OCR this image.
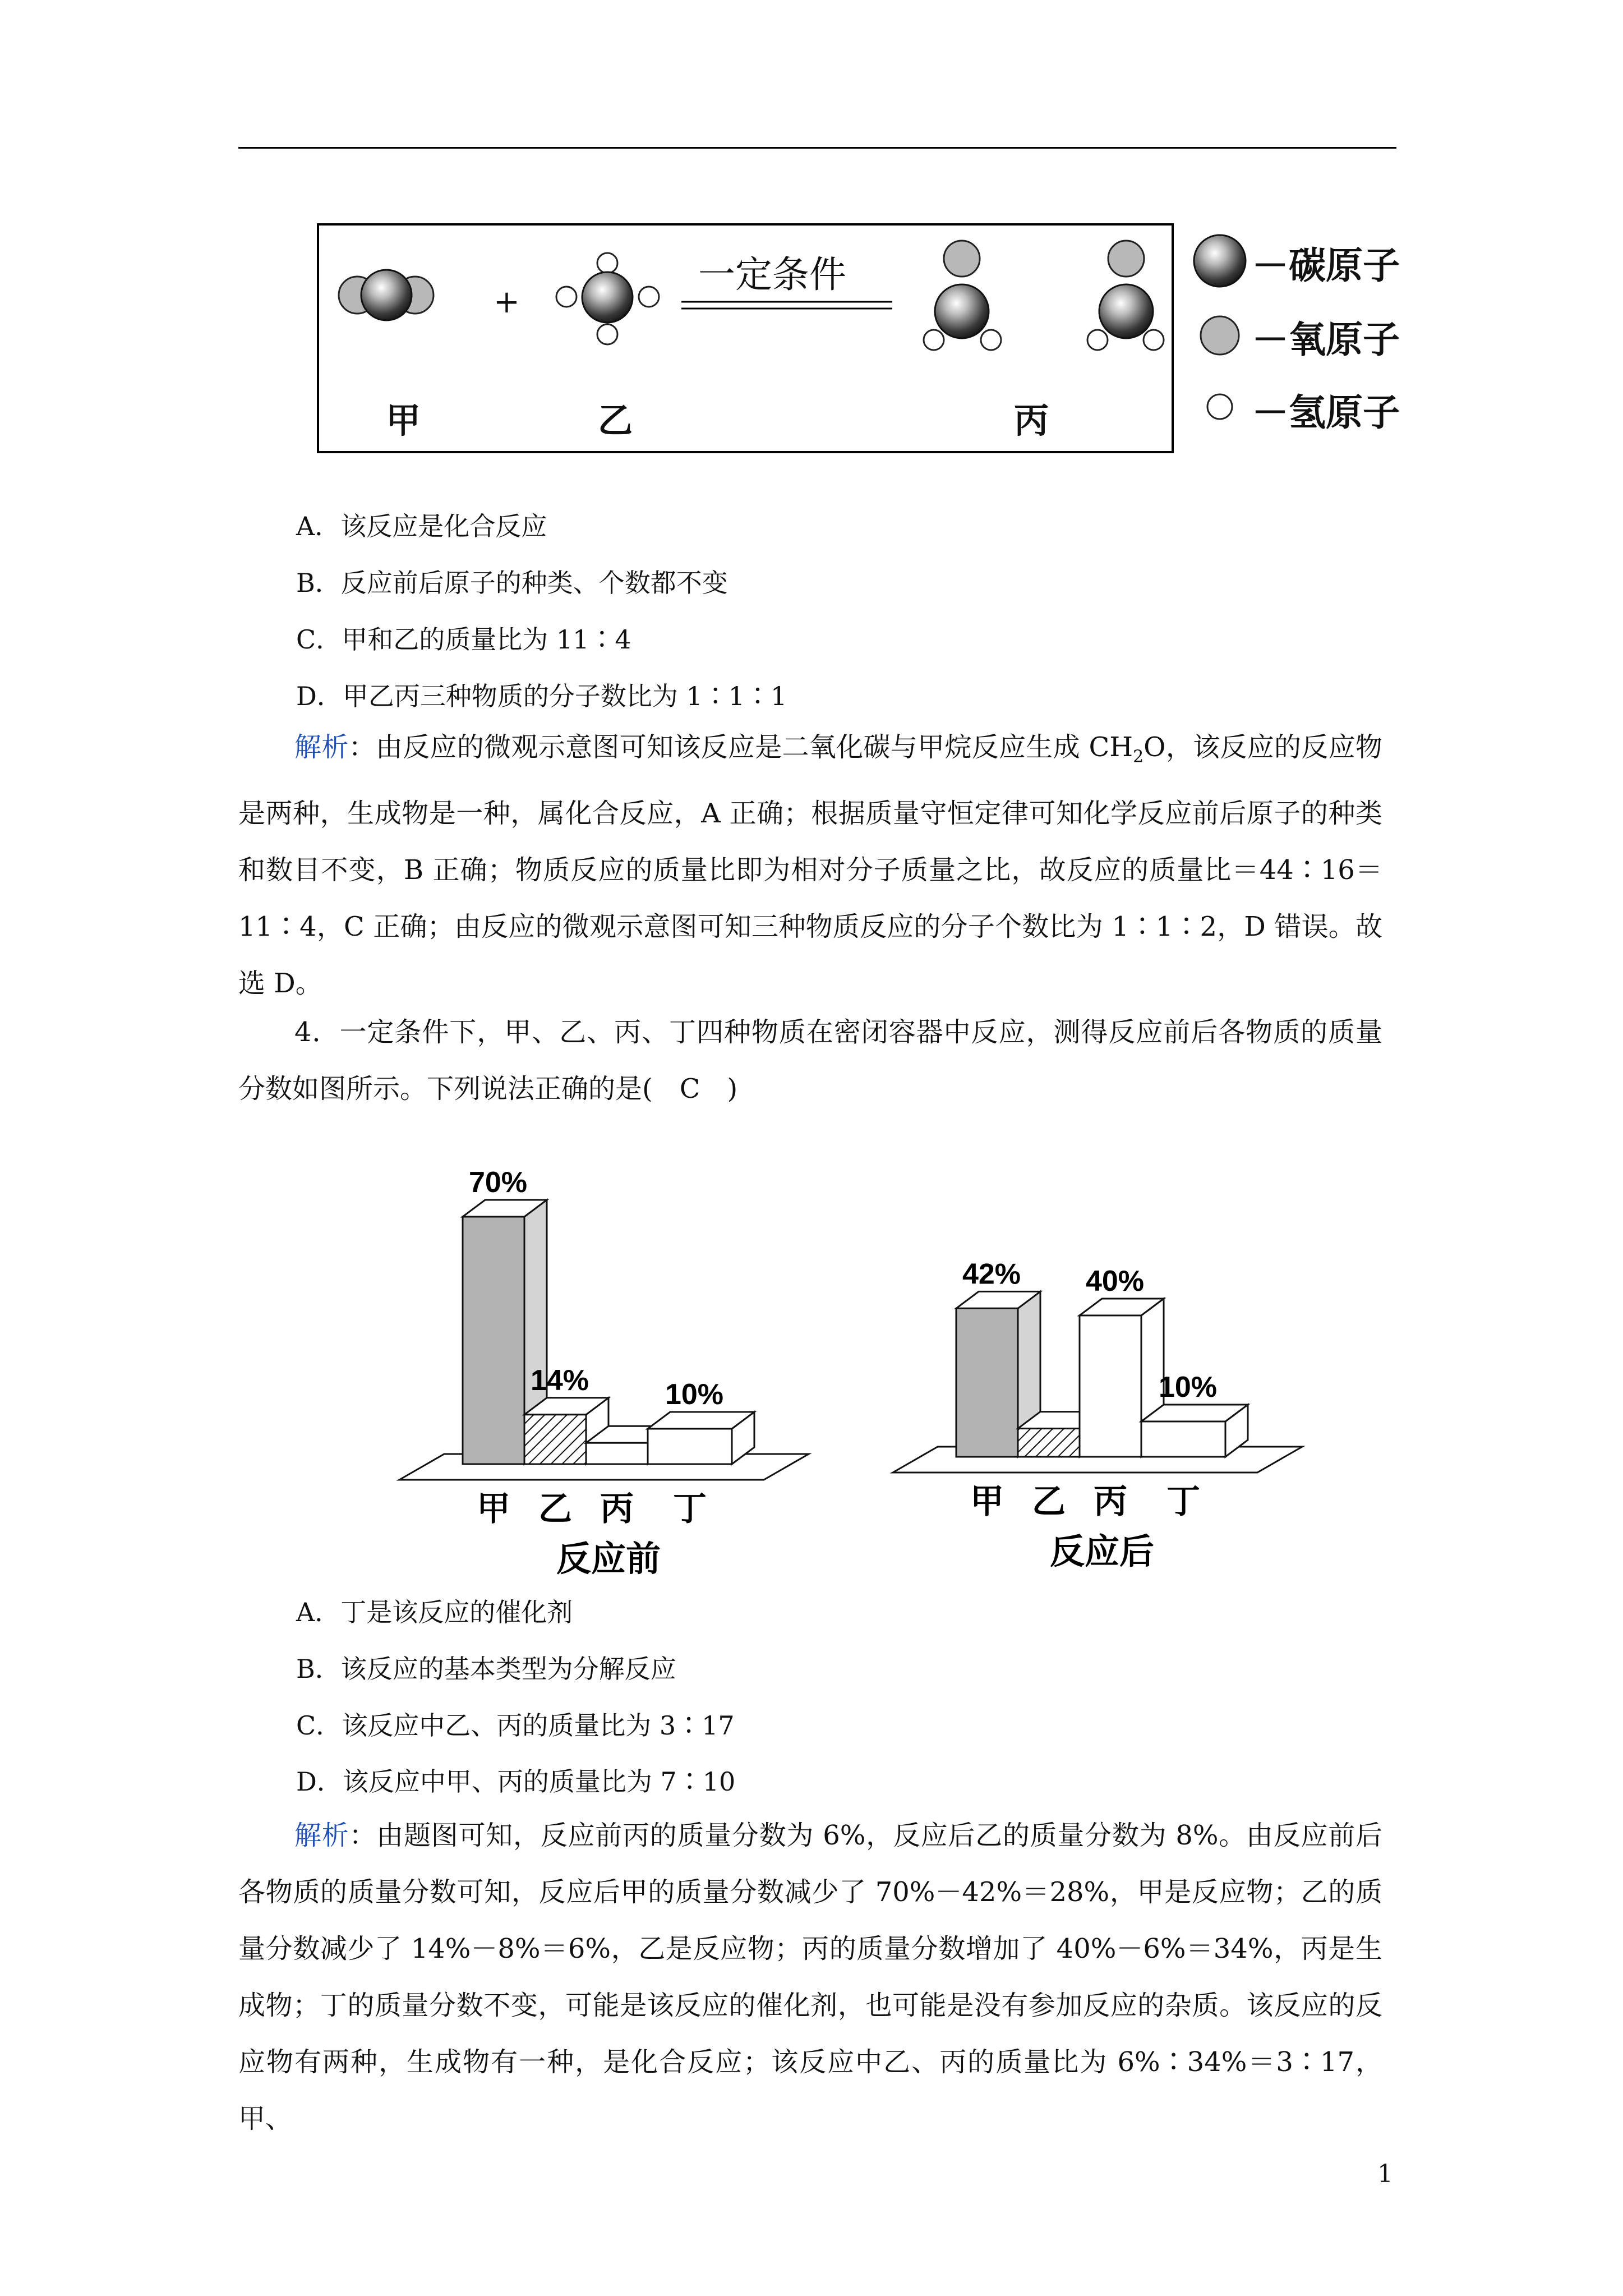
+
一定条件
甲	乙	丙
－碳原子
－氧原子
－氢原子
A．该反应是化合反应
B．反应前后原子的种类、个数都不变
C．甲和乙的质量比为 11∶4
D．甲乙丙三种物质的分子数比为 1∶1∶1

解析：由反应的微观示意图可知该反应是二氧化碳与甲烷反应生成 $CH_2O$，该反应的反应物是两种，生成物是一种，属化合反应，A 正确；根据质量守恒定律可知化学反应前后原子的种类和数目不变，B 正确；物质反应的质量比即为相对分子质量之比，故反应的质量比＝44∶16＝11∶4，C 正确；由反应的微观示意图可知三种物质反应的分子个数比为 1∶1∶2，D 错误。故选 D。

4．一定条件下，甲、乙、丙、丁四种物质在密闭容器中反应，测得反应前后各物质的质量分数如图所示。下列说法正确的是(　C　)

70%
甲
14%
乙 丙
10%
丁
反应前
42%
甲 乙
40%
丙
10%
丁
反应后
A．丁是该反应的催化剂
B．该反应的基本类型为分解反应
C．该反应中乙、丙的质量比为 3∶17
D．该反应中甲、丙的质量比为 7∶10

解析：由题图可知，反应前丙的质量分数为 6%，反应后乙的质量分数为 8%。由反应前后各物质的质量分数可知，反应后甲的质量分数减少了 70%－42%＝28%，甲是反应物；乙的质量分数减少了 14%－8%＝6%，乙是反应物；丙的质量分数增加了 40%－6%＝34%，丙是生成物；丁的质量分数不变，可能是该反应的催化剂，也可能是没有参加反应的杂质。该反应的反应物有两种，生成物有一种，是化合反应；该反应中乙、丙的质量比为 6%∶34%＝3∶17，甲、

1
